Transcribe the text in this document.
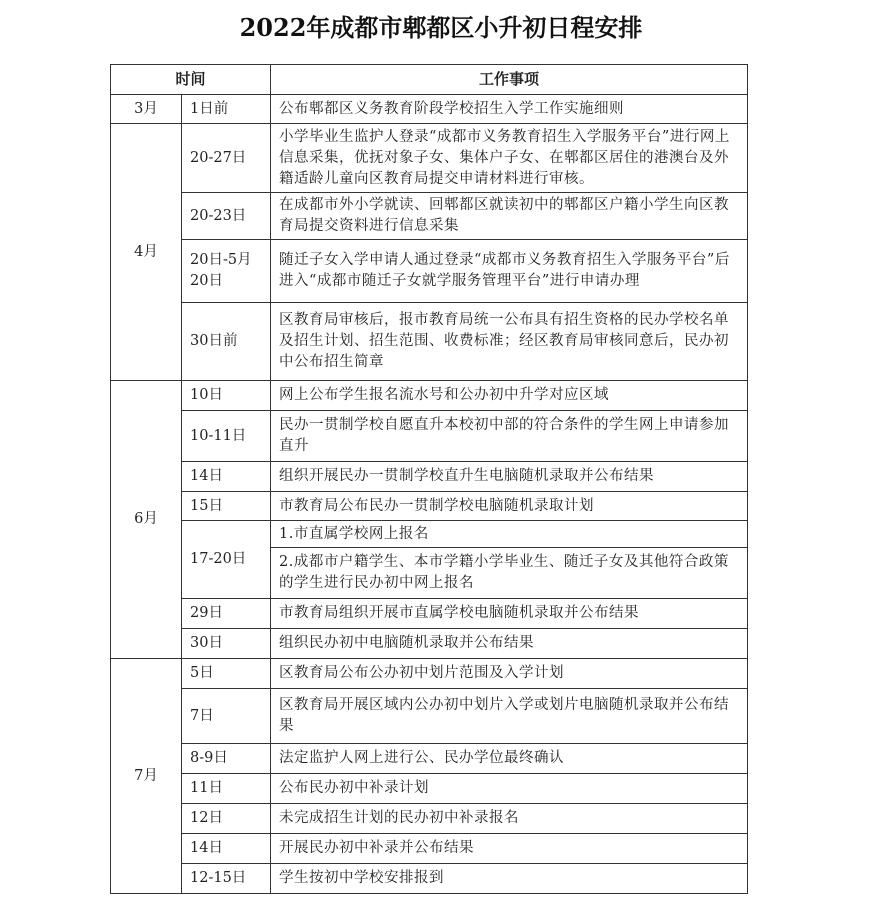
2022年成都市郫都区小升初日程安排
时间		工作事项
3月	1日前	公布郫都区义务教育阶段学校招生入学工作实施细则
4月	20-27日	小学毕业生监护人登录“成都市义务教育招生入学服务平台”进行网上信息采集，优抚对象子女、集体户子女、在郫都区居住的港澳台及外籍适龄儿童向区教育局提交申请材料进行审核。
	20-23日	在成都市外小学就读、回郫都区就读初中的郫都区户籍小学生向区教育局提交资料进行信息采集
	20日-5月20日	随迁子女入学申请人通过登录“成都市义务教育招生入学服务平台”后进入“成都市随迁子女就学服务管理平台”进行申请办理
	30日前	区教育局审核后，报市教育局统一公布具有招生资格的民办学校名单及招生计划、招生范围、收费标准；经区教育局审核同意后，民办初中公布招生简章
6月	10日	网上公布学生报名流水号和公办初中升学对应区域
	10-11日	民办一贯制学校自愿直升本校初中部的符合条件的学生网上申请参加直升
	14日	组织开展民办一贯制学校直升生电脑随机录取并公布结果
	15日	市教育局公布民办一贯制学校电脑随机录取计划
	17-20日	1.市直属学校网上报名
		2.成都市户籍学生、本市学籍小学毕业生、随迁子女及其他符合政策的学生进行民办初中网上报名
	29日	市教育局组织开展市直属学校电脑随机录取并公布结果
	30日	组织民办初中电脑随机录取并公布结果
7月	5日	区教育局公布公办初中划片范围及入学计划
	7日	区教育局开展区域内公办初中划片入学或划片电脑随机录取并公布结果
	8-9日	法定监护人网上进行公、民办学位最终确认
	11日	公布民办初中补录计划
	12日	未完成招生计划的民办初中补录报名
	14日	开展民办初中补录并公布结果
	12-15日	学生按初中学校安排报到
